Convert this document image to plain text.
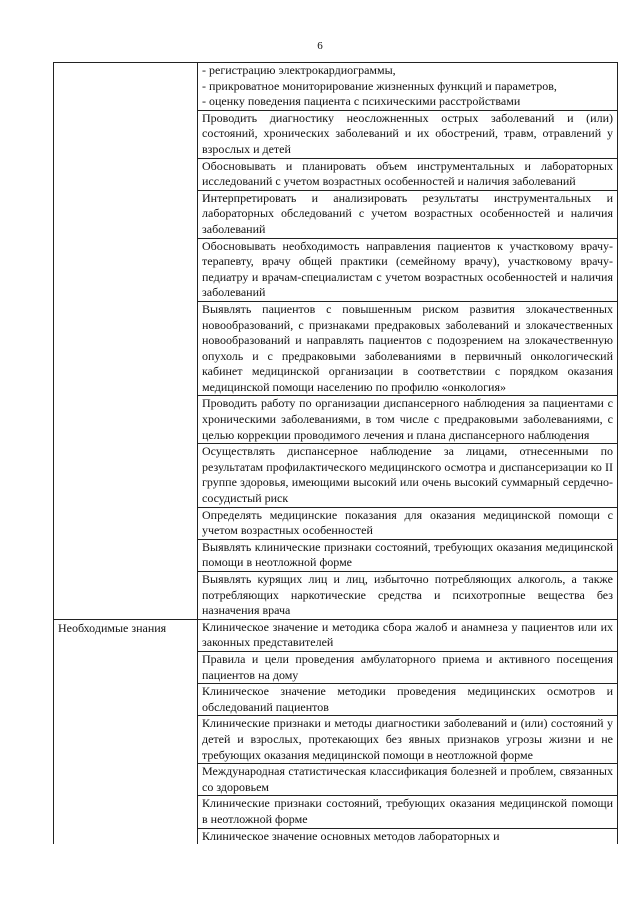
6
- регистрацию электрокардиограммы,
- прикроватное мониторирование жизненных функций и параметров,
- оценку поведения пациента с психическими расстройствами
Проводить диагностику неосложненных острых заболеваний и (или) состояний, хронических заболеваний и их обострений, травм, отравлений у взрослых и детей
Обосновывать и планировать объем инструментальных и лабораторных исследований с учетом возрастных особенностей и наличия заболеваний
Интерпретировать и анализировать результаты инструментальных и лабораторных обследований с учетом возрастных особенностей и наличия заболеваний
Обосновывать необходимость направления пациентов к участковому врачу-терапевту, врачу общей практики (семейному врачу), участковому врачу-педиатру и врачам-специалистам с учетом возрастных особенностей и наличия заболеваний
Выявлять пациентов с повышенным риском развития злокачественных новообразований, с признаками предраковых заболеваний и злокачественных новообразований и направлять пациентов с подозрением на злокачественную опухоль и с предраковыми заболеваниями в первичный онкологический кабинет медицинской организации в соответствии с порядком оказания медицинской помощи населению по профилю «онкология»
Проводить работу по организации диспансерного наблюдения за пациентами с хроническими заболеваниями, в том числе с предраковыми заболеваниями, с целью коррекции проводимого лечения и плана диспансерного наблюдения
Осуществлять диспансерное наблюдение за лицами, отнесенными по результатам профилактического медицинского осмотра и диспансеризации ко II группе здоровья, имеющими высокий или очень высокий суммарный сердечно-сосудистый риск
Определять медицинские показания для оказания медицинской помощи с учетом возрастных особенностей
Выявлять клинические признаки состояний, требующих оказания медицинской помощи в неотложной форме
Выявлять курящих лиц и лиц, избыточно потребляющих алкоголь, а также потребляющих наркотические средства и психотропные вещества без назначения врача
Необходимые знания	Клиническое значение и методика сбора жалоб и анамнеза у пациентов или их законных представителей
Правила и цели проведения амбулаторного приема и активного посещения пациентов на дому
Клиническое значение методики проведения медицинских осмотров и обследований пациентов
Клинические признаки и методы диагностики заболеваний и (или) состояний у детей и взрослых, протекающих без явных признаков угрозы жизни и не требующих оказания медицинской помощи в неотложной форме
Международная статистическая классификация болезней и проблем, связанных со здоровьем
Клинические признаки состояний, требующих оказания медицинской помощи в неотложной форме
Клиническое значение основных методов лабораторных и
